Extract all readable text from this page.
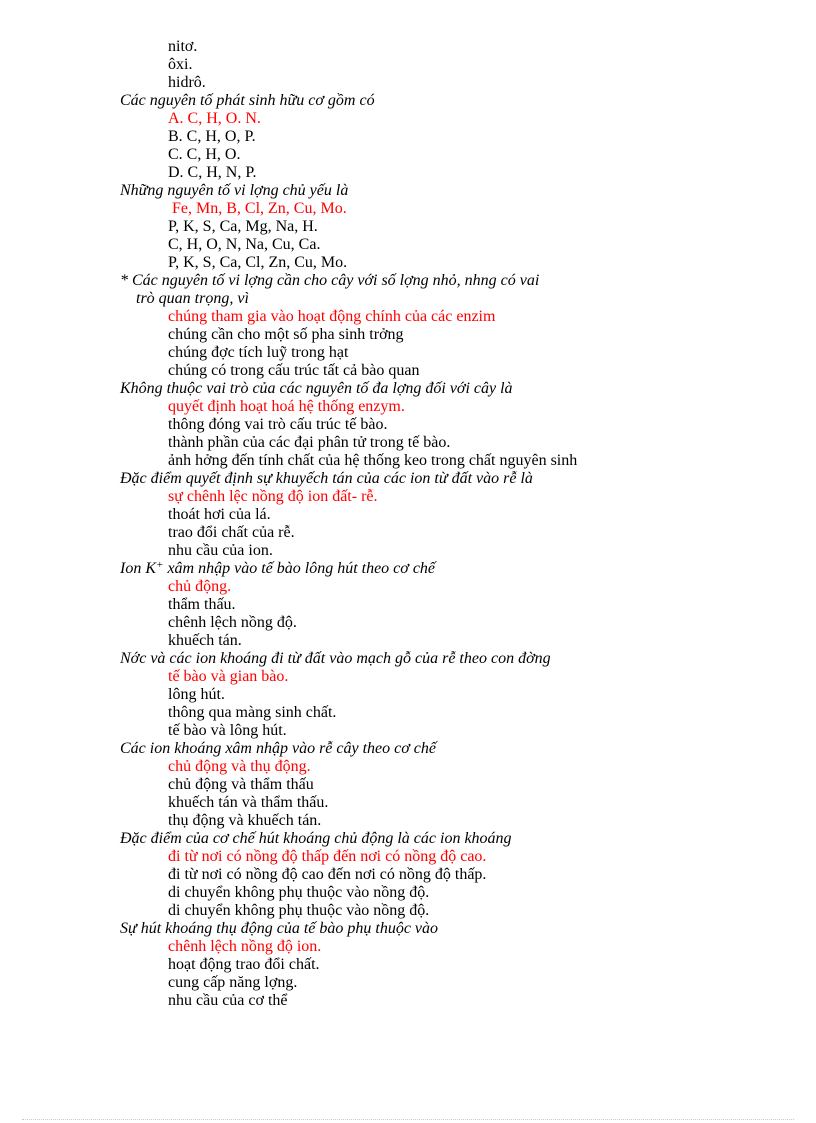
nitơ.
ôxi.
hidrô.
Các nguyên tố phát sinh hữu cơ gồm có
A. C, H, O. N.
B. C, H, O, P.
C. C, H, O.
D. C, H, N, P.
Những nguyên tố vi lợng chủ yếu là
Fe, Mn, B, Cl, Zn, Cu, Mo.
P, K, S, Ca, Mg, Na, H.
C, H, O, N, Na, Cu, Ca.
P, K, S, Ca, Cl, Zn, Cu, Mo.
* Các nguyên tố vi lợng cần cho cây với số lợng nhỏ, nhng có vai
trò quan trọng, vì
chúng tham gia vào hoạt động chính của các enzim
chúng cần cho một số pha sinh trởng
chúng đợc tích luỹ trong hạt
chúng có trong cấu trúc tất cả bào quan
Không thuộc vai trò của các nguyên tố đa lợng đối với cây là
quyết định hoạt hoá hệ thống enzym.
thông đóng vai trò cấu trúc tế bào.
thành phần của các đại phân tử trong tế bào.
ảnh hởng đến tính chất của hệ thống keo trong chất nguyên sinh
Đặc điểm quyết định sự khuyếch tán của các ion từ đất vào rễ là
sự chênh lệc nồng độ ion đất- rễ.
thoát hơi của lá.
trao đổi chất của rễ.
nhu cầu của ion.
Ion K+ xâm nhập vào tế bào lông hút theo cơ chế
chủ động.
thẩm thấu.
chênh lệch nồng độ.
khuếch tán.
Nớc và các ion khoáng đi từ đất vào mạch gỗ của rễ theo con đờng
tế bào và gian bào.
lông hút.
thông qua màng sinh chất.
tế bào và lông hút.
Các ion khoáng xâm nhập vào rễ cây theo cơ chế
chủ động và thụ động.
chủ động và thẩm thấu
khuếch tán và thẩm thấu.
thụ động và khuếch tán.
Đặc điểm của cơ chế hút khoáng chủ động là các ion khoáng
đi từ nơi có nồng độ thấp đến nơi có nồng độ cao.
đi từ nơi có nồng độ cao đến nơi có nồng độ thấp.
di chuyển không phụ thuộc vào nồng độ.
di chuyển không phụ thuộc vào nồng độ.
Sự hút khoáng thụ động của tế bào phụ thuộc vào
chênh lệch nồng độ ion.
hoạt động trao đổi chất.
cung cấp năng lợng.
nhu cầu của cơ thể
